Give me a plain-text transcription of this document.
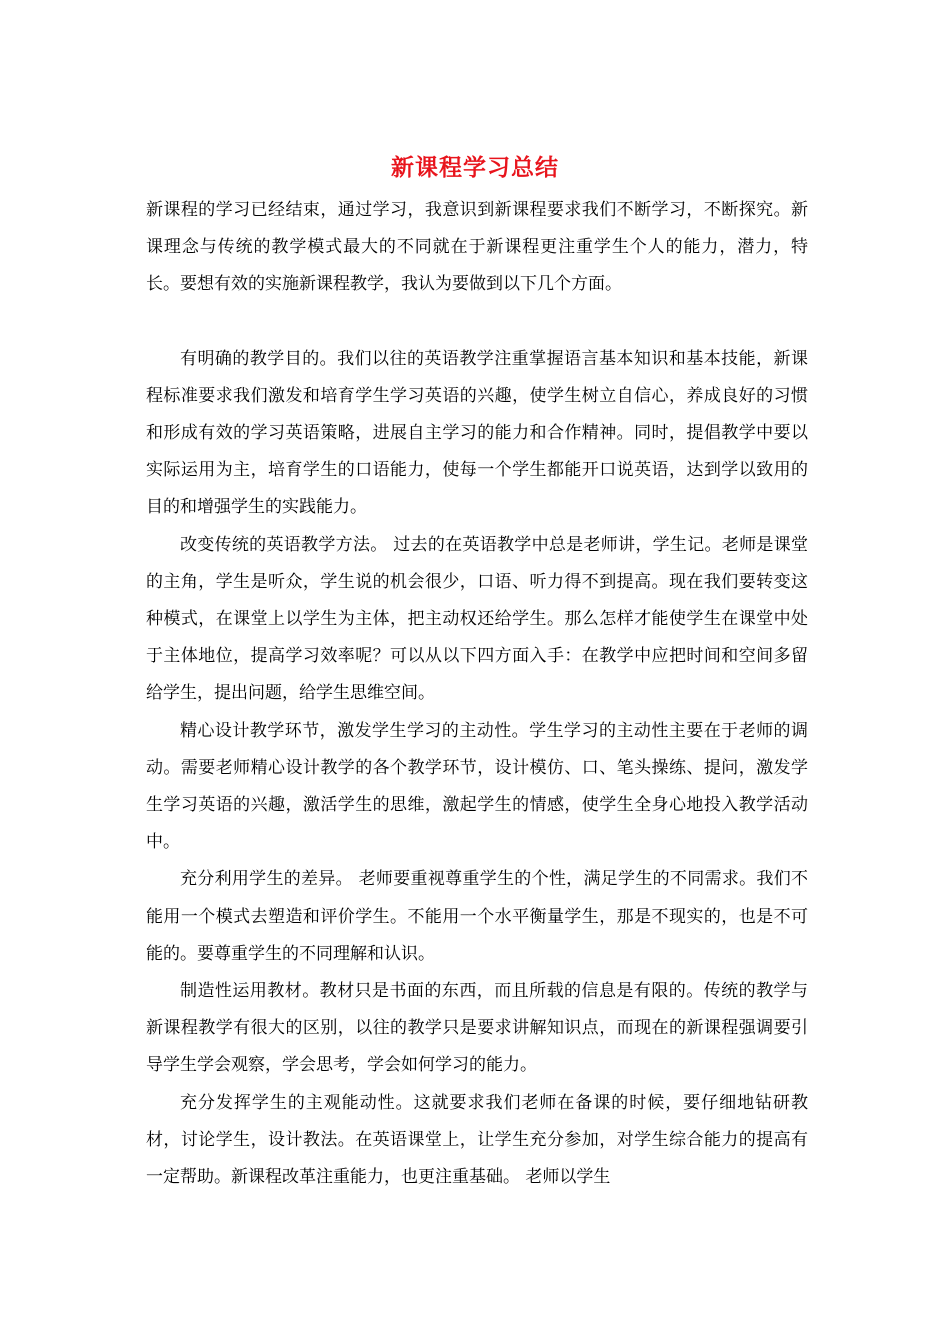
新课程学习总结

新课程的学习已经结束，通过学习，我意识到新课程要求我们不断学习，不断探究。新课理念与传统的教学模式最大的不同就在于新课程更注重学生个人的能力，潜力，特长。要想有效的实施新课程教学，我认为要做到以下几个方面。

有明确的教学目的。我们以往的英语教学注重掌握语言基本知识和基本技能，新课程标准要求我们激发和培育学生学习英语的兴趣，使学生树立自信心，养成良好的习惯和形成有效的学习英语策略，进展自主学习的能力和合作精神。同时，提倡教学中要以实际运用为主，培育学生的口语能力，使每一个学生都能开口说英语，达到学以致用的目的和增强学生的实践能力。

改变传统的英语教学方法。 过去的在英语教学中总是老师讲，学生记。老师是课堂的主角，学生是听众，学生说的机会很少，口语、听力得不到提高。现在我们要转变这种模式，在课堂上以学生为主体，把主动权还给学生。那么怎样才能使学生在课堂中处于主体地位，提高学习效率呢？可以从以下四方面入手：在教学中应把时间和空间多留给学生，提出问题，给学生思维空间。

精心设计教学环节，激发学生学习的主动性。学生学习的主动性主要在于老师的调动。需要老师精心设计教学的各个教学环节，设计模仿、口、笔头操练、提问，激发学生学习英语的兴趣，激活学生的思维，激起学生的情感，使学生全身心地投入教学活动中。

充分利用学生的差异。 老师要重视尊重学生的个性，满足学生的不同需求。我们不能用一个模式去塑造和评价学生。不能用一个水平衡量学生，那是不现实的，也是不可能的。要尊重学生的不同理解和认识。

制造性运用教材。教材只是书面的东西，而且所载的信息是有限的。传统的教学与新课程教学有很大的区别，以往的教学只是要求讲解知识点，而现在的新课程强调要引导学生学会观察，学会思考，学会如何学习的能力。

充分发挥学生的主观能动性。这就要求我们老师在备课的时候，要仔细地钻研教材，讨论学生，设计教法。在英语课堂上，让学生充分参加，对学生综合能力的提高有一定帮助。新课程改革注重能力，也更注重基础。 老师以学生
